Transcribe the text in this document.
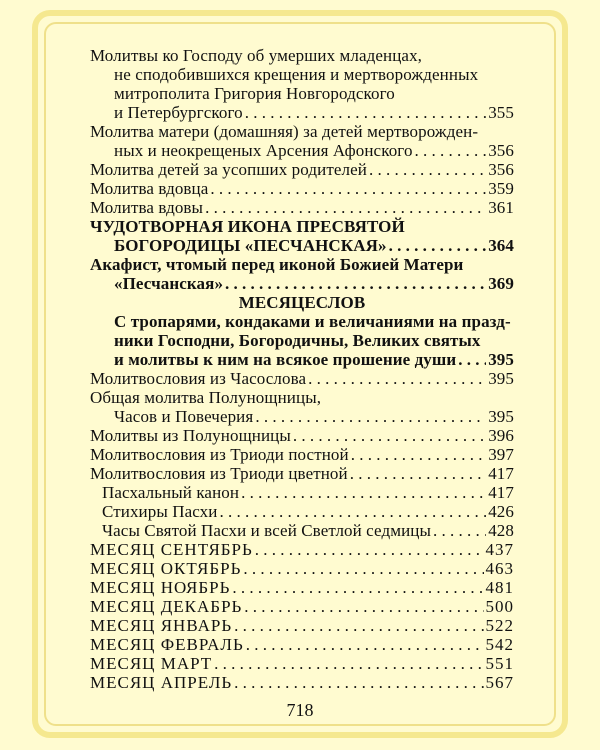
Молитвы ко Господу об умерших младенцах,
не сподобившихся крещения и мертворожденных
митрополита Григория Новгородского
и Петербургского . . .	355
Молитва матери (домашняя) за детей мертворожден-
ных и неокрещеных Арсения Афонского . . .	356
Молитва детей за усопших родителей . . .	356
Молитва вдовца . . .	359
Молитва вдовы . . .	361
ЧУДОТВОРНАЯ ИКОНА ПРЕСВЯТОЙ
БОГОРОДИЦЫ «ПЕСЧАНСКАЯ» . . .	364
Акафист, чтомый перед иконой Божией Матери
«Песчанская» . . .	369
МЕСЯЦЕСЛОВ
С тропарями, кондаками и величаниями на празд-
ники Господни, Богородичны, Великих святых
и молитвы к ним на всякое прошение души . . . 395
Молитвословия из Часослова . . .	395
Общая молитва Полунощницы,
Часов и Повечерия . . .	395
Молитвы из Полунощницы . . .	396
Молитвословия из Триоди постной . . .	397
Молитвословия из Триоди цветной . . .	417
Пасхальный канон . . .	417
Стихиры Пасхи . . .	426
Часы Святой Пасхи и всей Светлой седмицы . . .	428
МЕСЯЦ СЕНТЯБРЬ . . .	437
МЕСЯЦ ОКТЯБРЬ . . .	463
МЕСЯЦ НОЯБРЬ . . .	481
МЕСЯЦ ДЕКАБРЬ . . .	500
МЕСЯЦ ЯНВАРЬ . . .	522
МЕСЯЦ ФЕВРАЛЬ . . .	542
МЕСЯЦ МАРТ . . .	551
МЕСЯЦ АПРЕЛЬ . . .	567
718
